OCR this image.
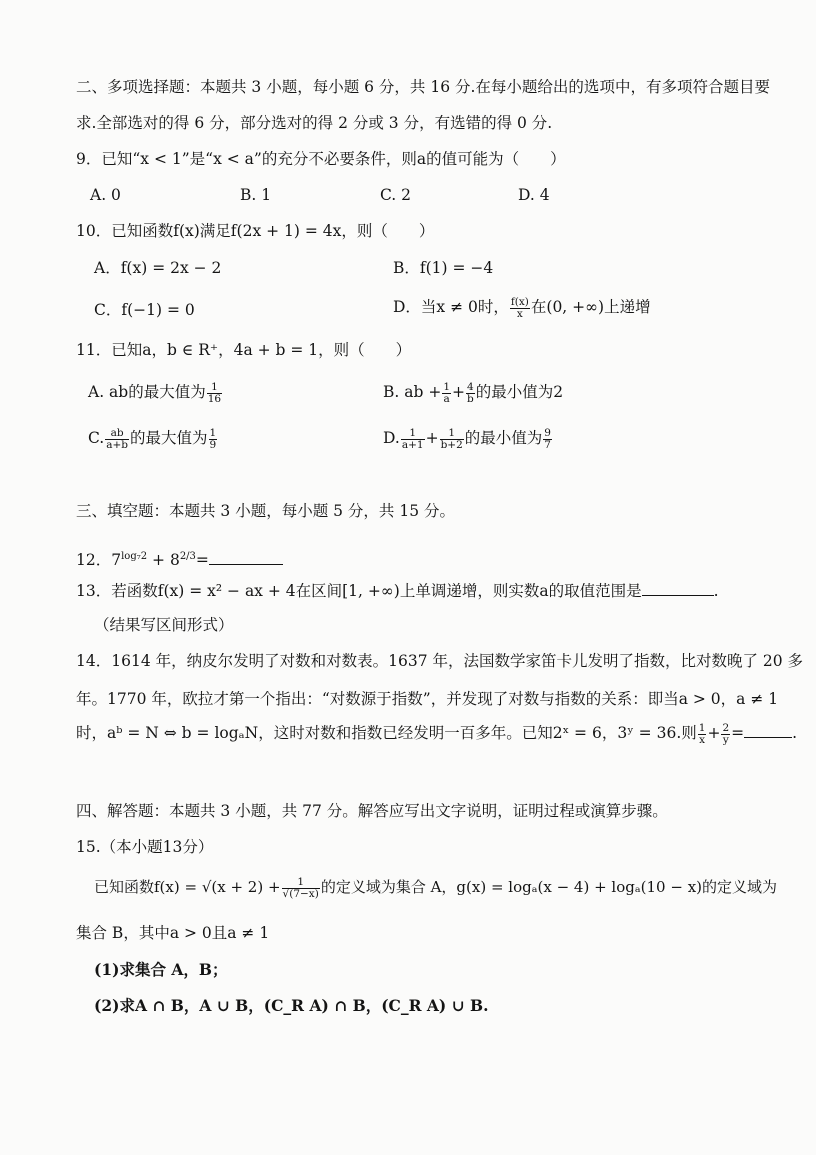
二、多项选择题：本题共 3 小题，每小题 6 分，共 16 分.在每小题给出的选项中，有多项符合题目要
求.全部选对的得 6 分，部分选对的得 2 分或 3 分，有选错的得 0 分.
9．已知“x < 1”是“x < a”的充分不必要条件，则a的值可能为（　　）
A. 0	B. 1	C. 2	D. 4
10．已知函数f(x)满足f(2x + 1) = 4x，则（　　）
A．f(x) = 2x − 2	B．f(1) = −4
C．f(−1) = 0	D．当x ≠ 0时， $\frac{f(x)}{x}$ 在(0, +∞)上递增
11．已知a，b ∈ R⁺，4a + b = 1，则（　　）
A. ab的最大值为 $\frac{1}{16}$	B. ab + $\frac{1}{a} + \frac{4}{b}$ 的最小值为2
C. $\frac{ab}{a+b}$ 的最大值为 $\frac{1}{9}$	D. $\frac{1}{a+1} + \frac{1}{b+2}$ 的最小值为 $\frac{9}{7}$
三、填空题：本题共 3 小题，每小题 5 分，共 15 分。
12．$7^{log_72} + 8^{2/3}=$
13．若函数f(x) = x² − ax + 4在区间[1, +∞)上单调递增，则实数a的取值范围是	.
（结果写区间形式）
14．1614 年，纳皮尔发明了对数和对数表。1637 年，法国数学家笛卡儿发明了指数，比对数晚了 20 多
年。1770 年，欧拉才第一个指出：“对数源于指数”，并发现了对数与指数的关系：即当a > 0，a ≠ 1
时，aᵇ = N ⇔ b = logₐN，这时对数和指数已经发明一百多年。已知2ˣ = 6，3ʸ = 36.则 $\frac{1}{x} + \frac{2}{y}$ =	.
四、解答题：本题共 3 小题，共 77 分。解答应写出文字说明，证明过程或演算步骤。
15.（本小题13分）
已知函数$f(x) = √(x + 2) + \frac{1}{√(7-x)}$ 的定义域为集合 A，g(x) = logₐ(x − 4) + logₐ(10 − x)的定义域为
集合 B，其中a > 0且a ≠ 1
(1)求集合 A，B；
(2)求A ∩ B，A ∪ B，(C_R A) ∩ B，(C_R A) ∪ B.
